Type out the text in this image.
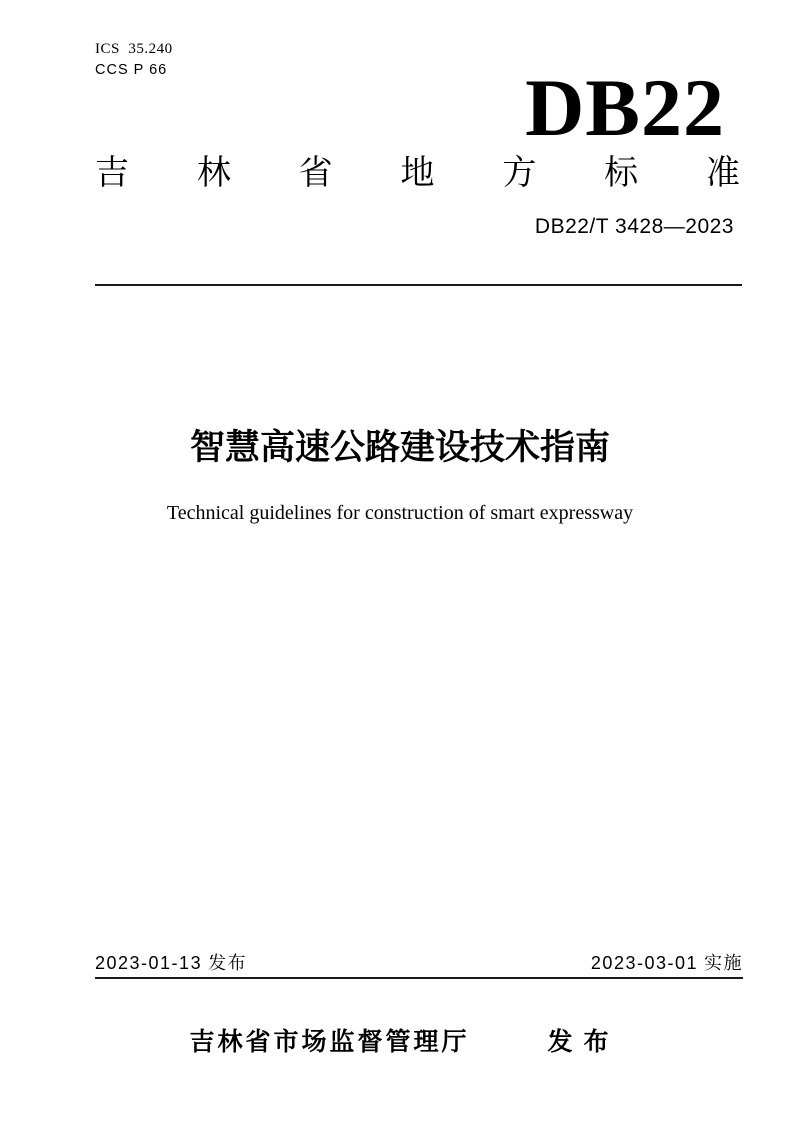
ICS  35.240
CCS P 66	DB22
吉 林 省 地 方 标 准
DB22/T 3428—2023
智慧高速公路建设技术指南
Technical guidelines for construction of smart expressway
2023-01-13 发布	2023-03-01 实施
吉林省市场监督管理厅	发 布
